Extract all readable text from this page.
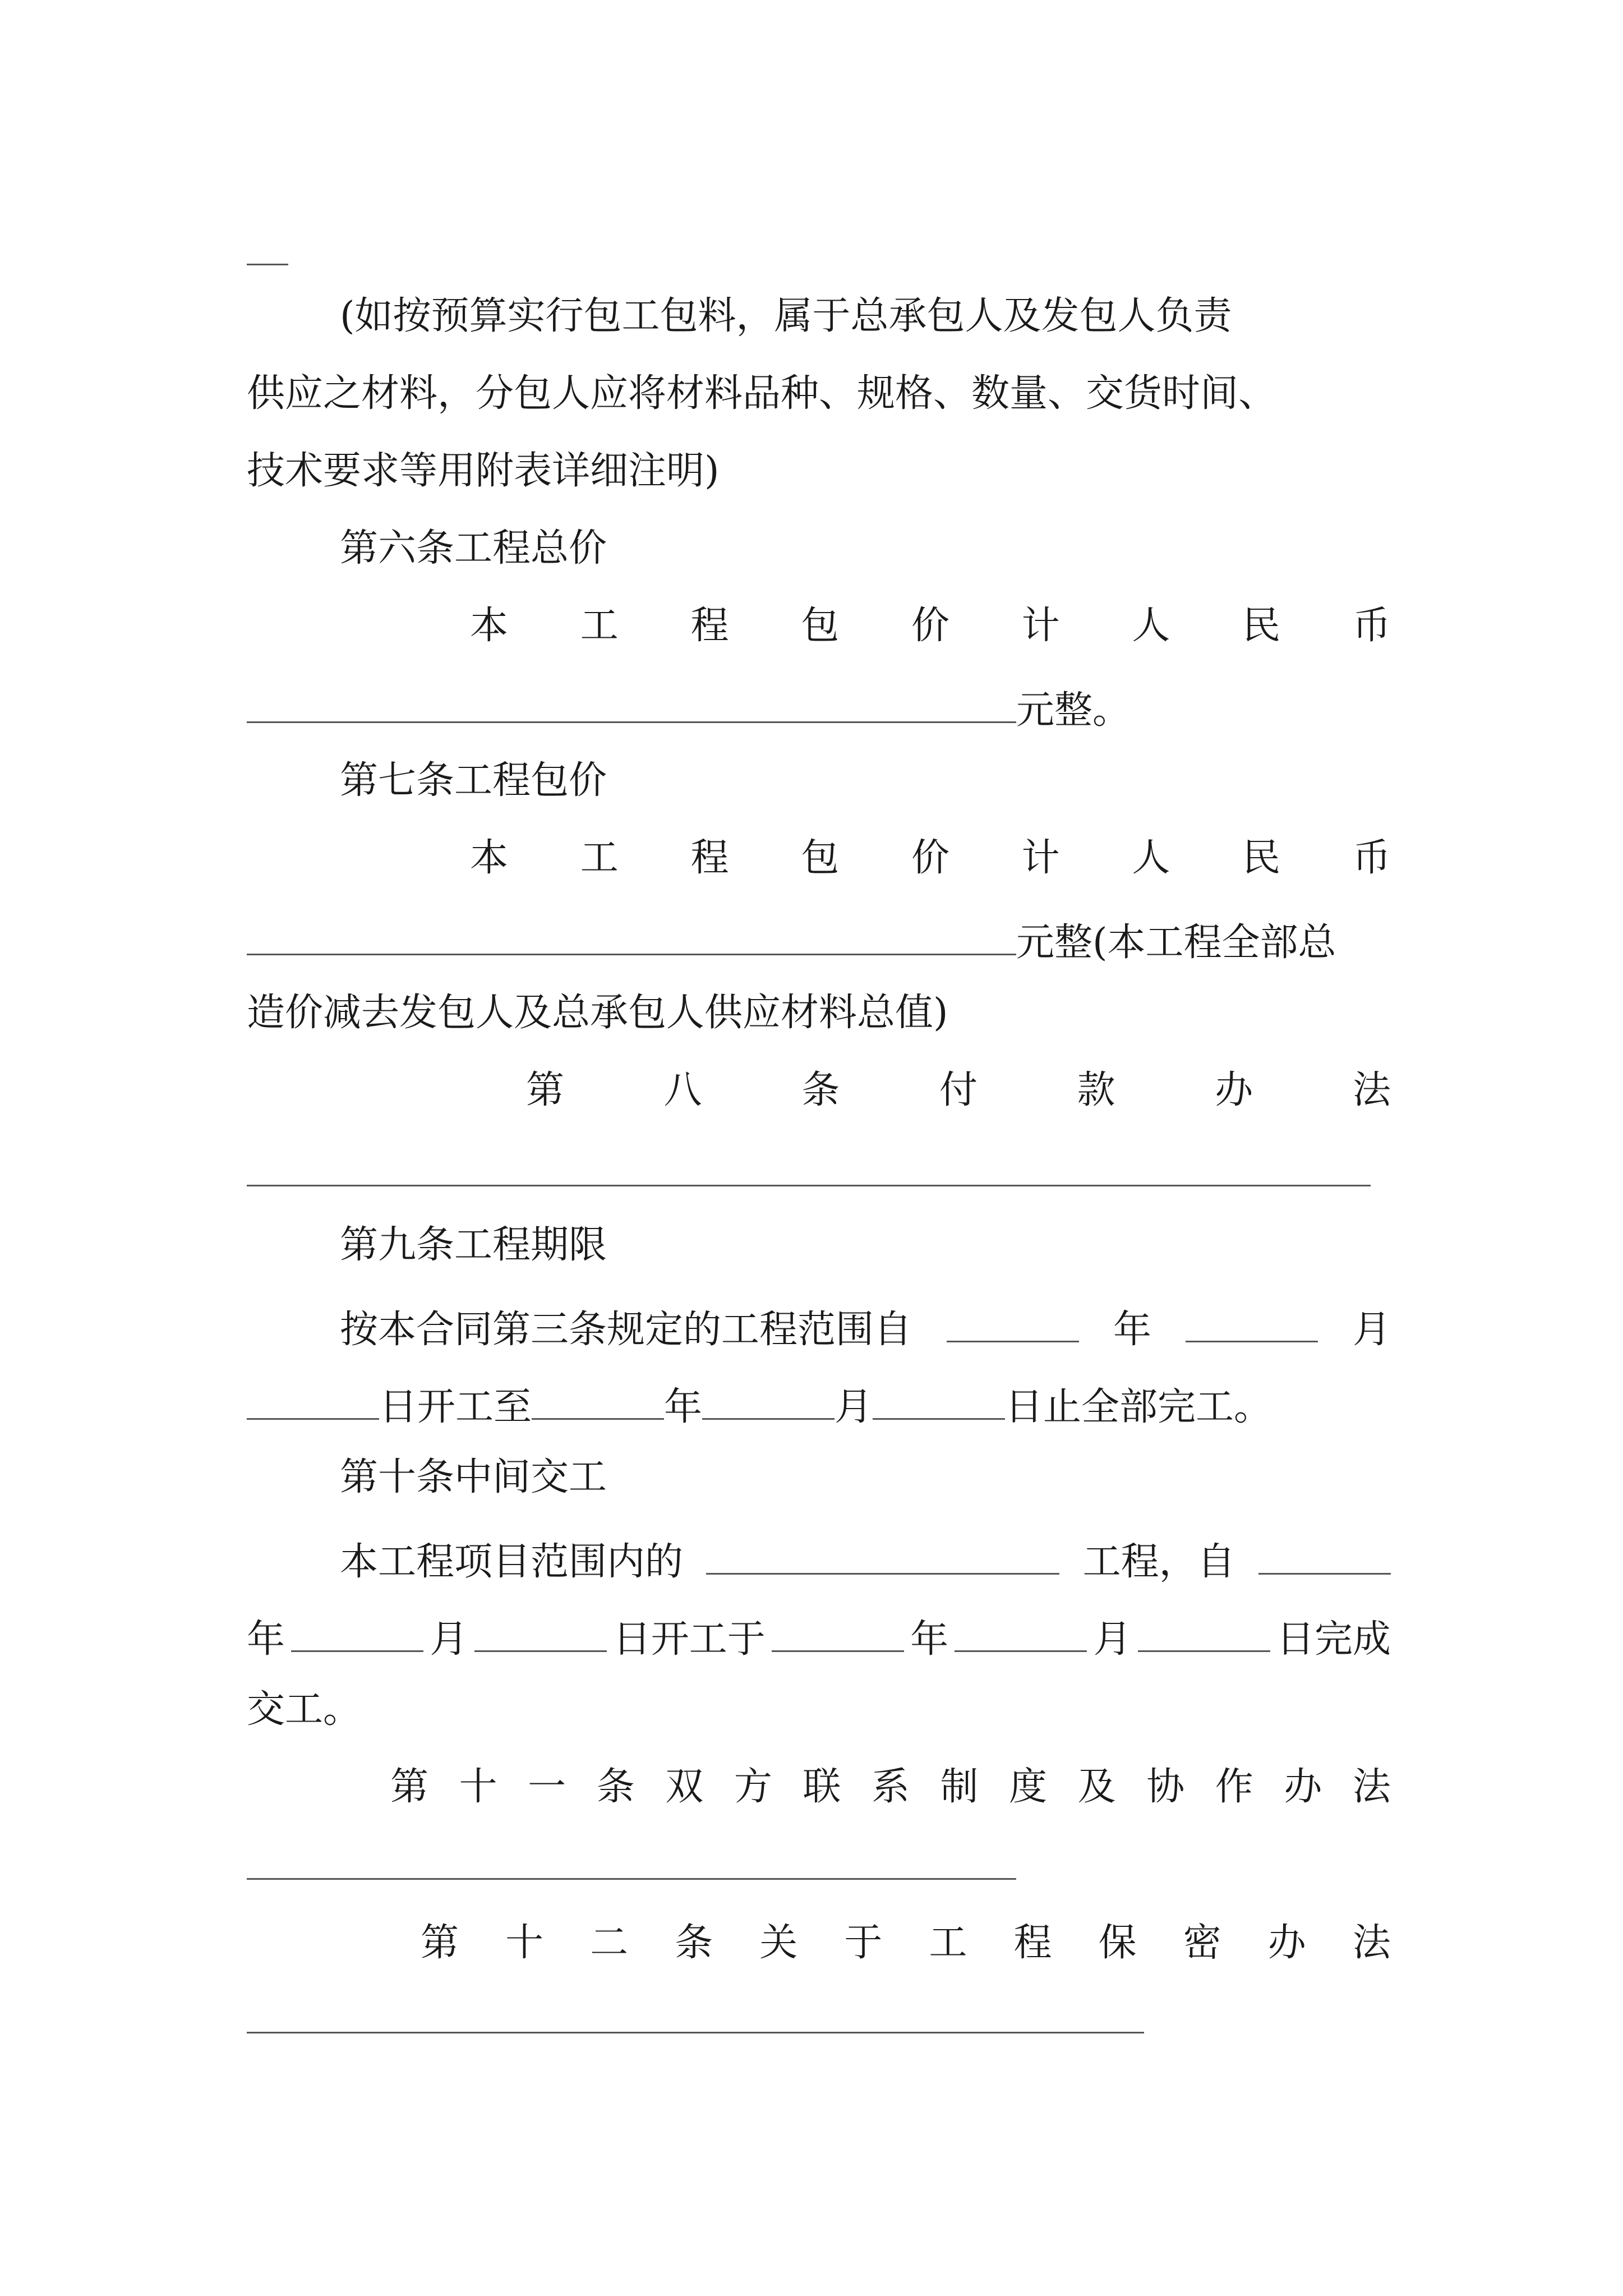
(如按预算实行包工包料，属于总承包人及发包人负责
供应之材料，分包人应将材料品种、规格、数量、交货时间、
技术要求等用附表详细注明)
第六条工程总价
本 工 程 包 价 计 人 民 币
元整。
第七条工程包价
本 工 程 包 价 计 人 民 币
元整(本工程全部总
造价减去发包人及总承包人供应材料总值)
第	八	条	付	款	办	法
第九条工程期限
按本合同第三条规定的工程范围自	年	月
日开工至	年	月	日止全部完工。
第十条中间交工
本工程项目范围内的	工程，自
年	月	日开工于	年	月	日完成
交工。
第 十 一 条 双 方 联 系 制 度 及 协 作 办 法
第 十 二 条 关 于 工 程 保 密 办 法
